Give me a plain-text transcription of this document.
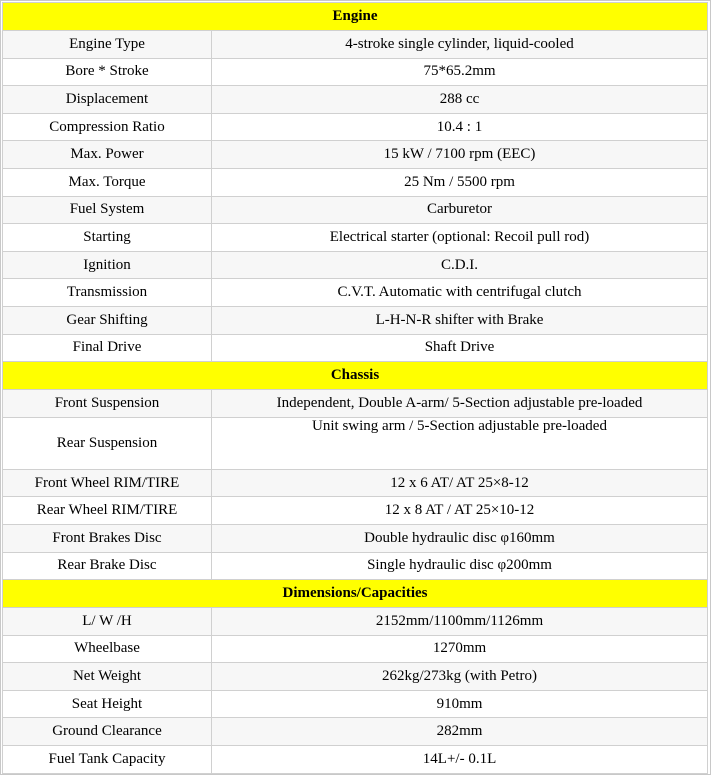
Engine	
Engine Type	4-stroke single cylinder, liquid-cooled
Bore * Stroke	75*65.2mm
Displacement	288 cc
Compression Ratio	10.4 : 1
Max. Power	15 kW / 7100 rpm (EEC)
Max. Torque	25 Nm / 5500 rpm
Fuel System	Carburetor
Starting	Electrical starter (optional: Recoil pull rod)
Ignition	C.D.I.
Transmission	C.V.T. Automatic with centrifugal clutch
Gear Shifting	L-H-N-R shifter with Brake
Final Drive	Shaft Drive
Chassis	
Front Suspension	Independent, Double A-arm/ 5-Section adjustable pre-loaded
Rear Suspension	Unit swing arm / 5-Section adjustable pre-loaded
Front Wheel RIM/TIRE	12 x 6 AT/ AT 25×8-12
Rear Wheel RIM/TIRE	12 x 8 AT / AT 25×10-12
Front Brakes Disc	Double hydraulic disc φ160mm
Rear Brake Disc	Single hydraulic disc φ200mm
Dimensions/Capacities	
L/ W /H	2152mm/1100mm/1126mm
Wheelbase	1270mm
Net Weight	262kg/273kg (with Petro)
Seat Height	910mm
Ground Clearance	282mm
Fuel Tank Capacity	14L+/- 0.1L
